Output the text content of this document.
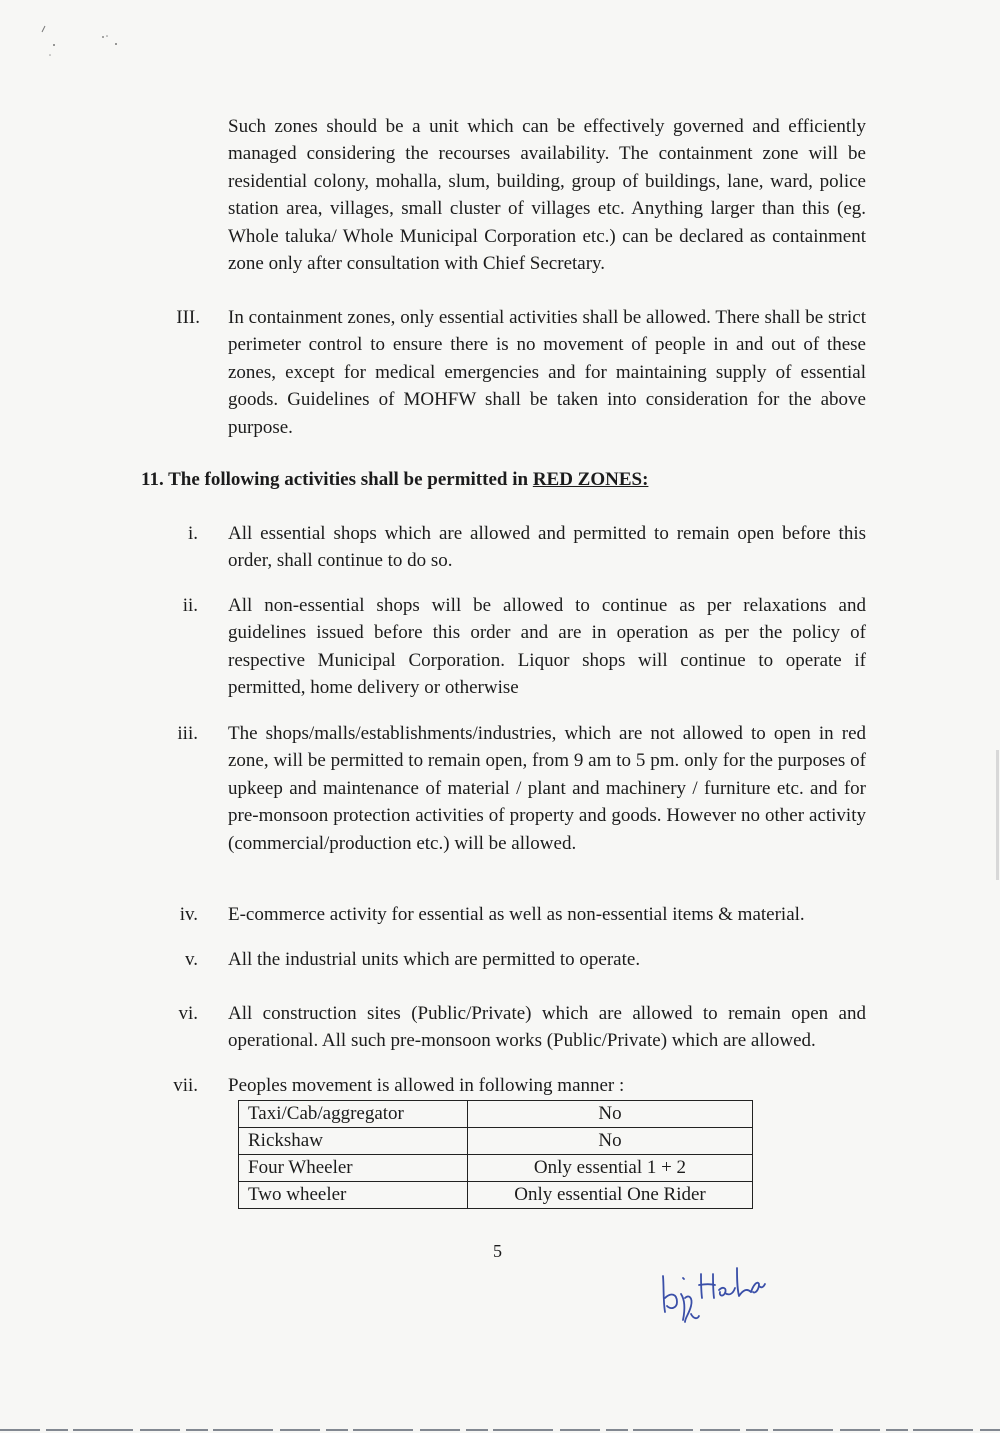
Such zones should be a unit which can be effectively governed and efficiently managed considering the recourses availability. The containment zone will be residential colony, mohalla, slum, building, group of buildings, lane, ward, police station area, villages, small cluster of villages etc. Anything larger than this (eg. Whole taluka/ Whole Municipal Corporation etc.) can be declared as containment zone only after consultation with Chief Secretary.

III. In containment zones, only essential activities shall be allowed. There shall be strict perimeter control to ensure there is no movement of people in and out of these zones, except for medical emergencies and for maintaining supply of essential goods. Guidelines of MOHFW shall be taken into consideration for the above purpose.

11. The following activities shall be permitted in RED ZONES:

i. All essential shops which are allowed and permitted to remain open before this order, shall continue to do so.

ii. All non-essential shops will be allowed to continue as per relaxations and guidelines issued before this order and are in operation as per the policy of respective Municipal Corporation. Liquor shops will continue to operate if permitted, home delivery or otherwise

iii. The shops/malls/establishments/industries, which are not allowed to open in red zone, will be permitted to remain open, from 9 am to 5 pm. only for the purposes of upkeep and maintenance of material / plant and machinery / furniture etc. and for pre-monsoon protection activities of property and goods. However no other activity (commercial/production etc.) will be allowed.

iv. E-commerce activity for essential as well as non-essential items & material.

v. All the industrial units which are permitted to operate.

vi. All construction sites (Public/Private) which are allowed to remain open and operational. All such pre-monsoon works (Public/Private) which are allowed.

vii. Peoples movement is allowed in following manner :

Taxi/Cab/aggregator	No
Rickshaw	No
Four Wheeler	Only essential 1 + 2
Two wheeler	Only essential One Rider
5
